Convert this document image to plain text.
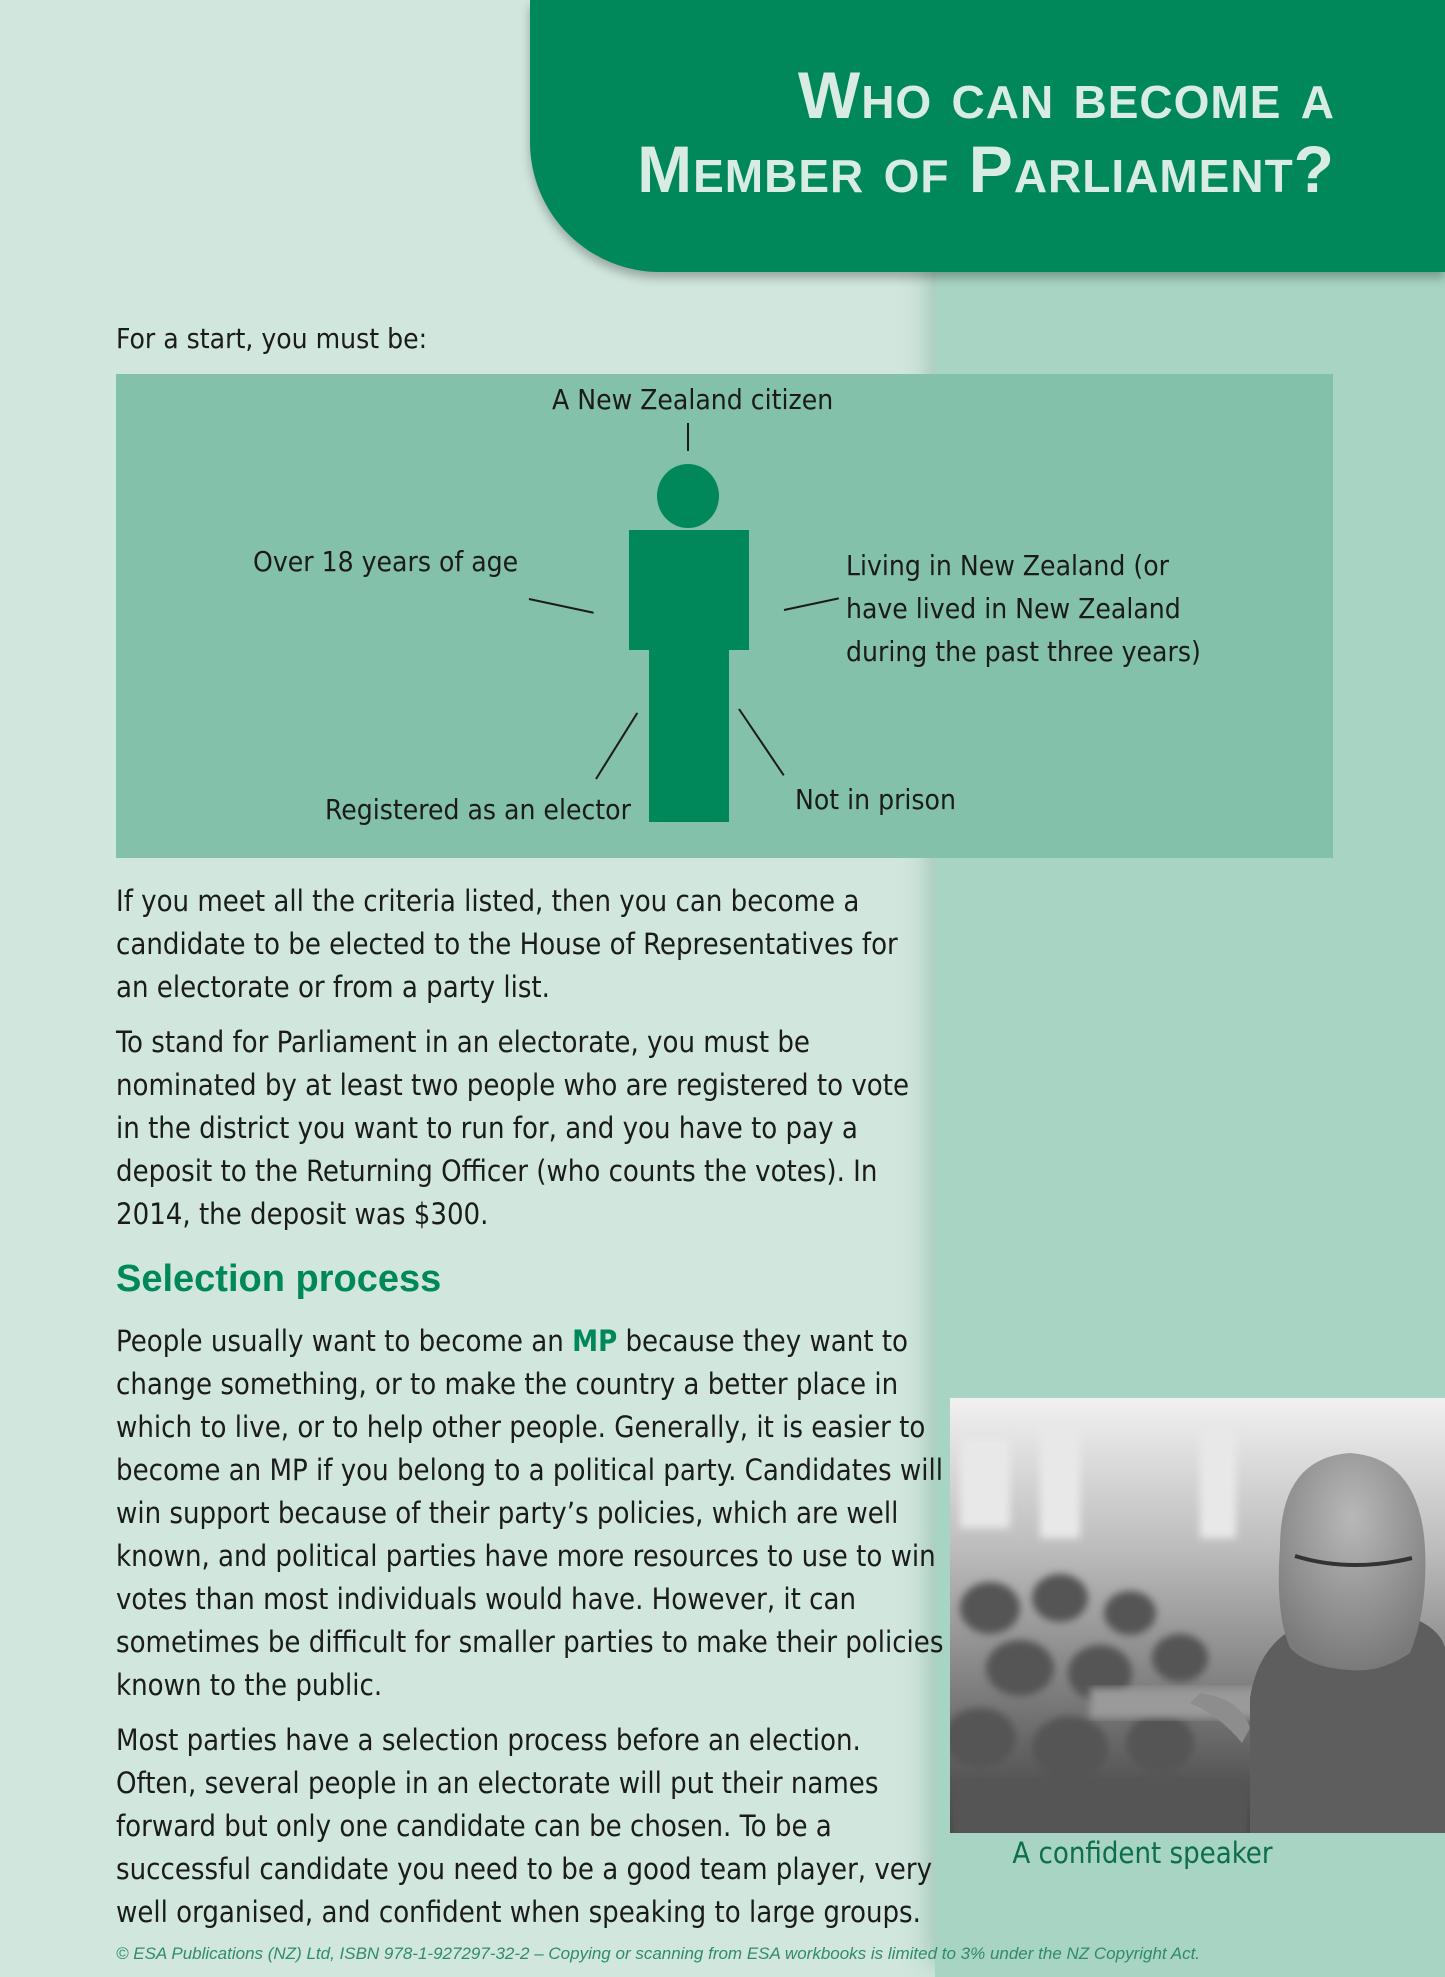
Who can become a
Member of Parliament?

For a start, you must be:

A New Zealand citizen
Over 18 years of age	Living in New Zealand (or have lived in New Zealand during the past three years)
Registered as an elector	Not in prison

If you meet all the criteria listed, then you can become a candidate to be elected to the House of Representatives for an electorate or from a party list.

To stand for Parliament in an electorate, you must be nominated by at least two people who are registered to vote in the district you want to run for, and you have to pay a deposit to the Returning Officer (who counts the votes). In 2014, the deposit was $300.

Selection process

People usually want to become an MP because they want to change something, or to make the country a better place in which to live, or to help other people. Generally, it is easier to become an MP if you belong to a political party. Candidates will win support because of their party’s policies, which are well known, and political parties have more resources to use to win votes than most individuals would have. However, it can sometimes be difficult for smaller parties to make their policies known to the public.

Most parties have a selection process before an election. Often, several people in an electorate will put their names forward but only one candidate can be chosen. To be a successful candidate you need to be a good team player, very well organised, and confident when speaking to large groups.

A confident speaker
© ESA Publications (NZ) Ltd, ISBN 978-1-927297-32-2 – Copying or scanning from ESA workbooks is limited to 3% under the NZ Copyright Act.
